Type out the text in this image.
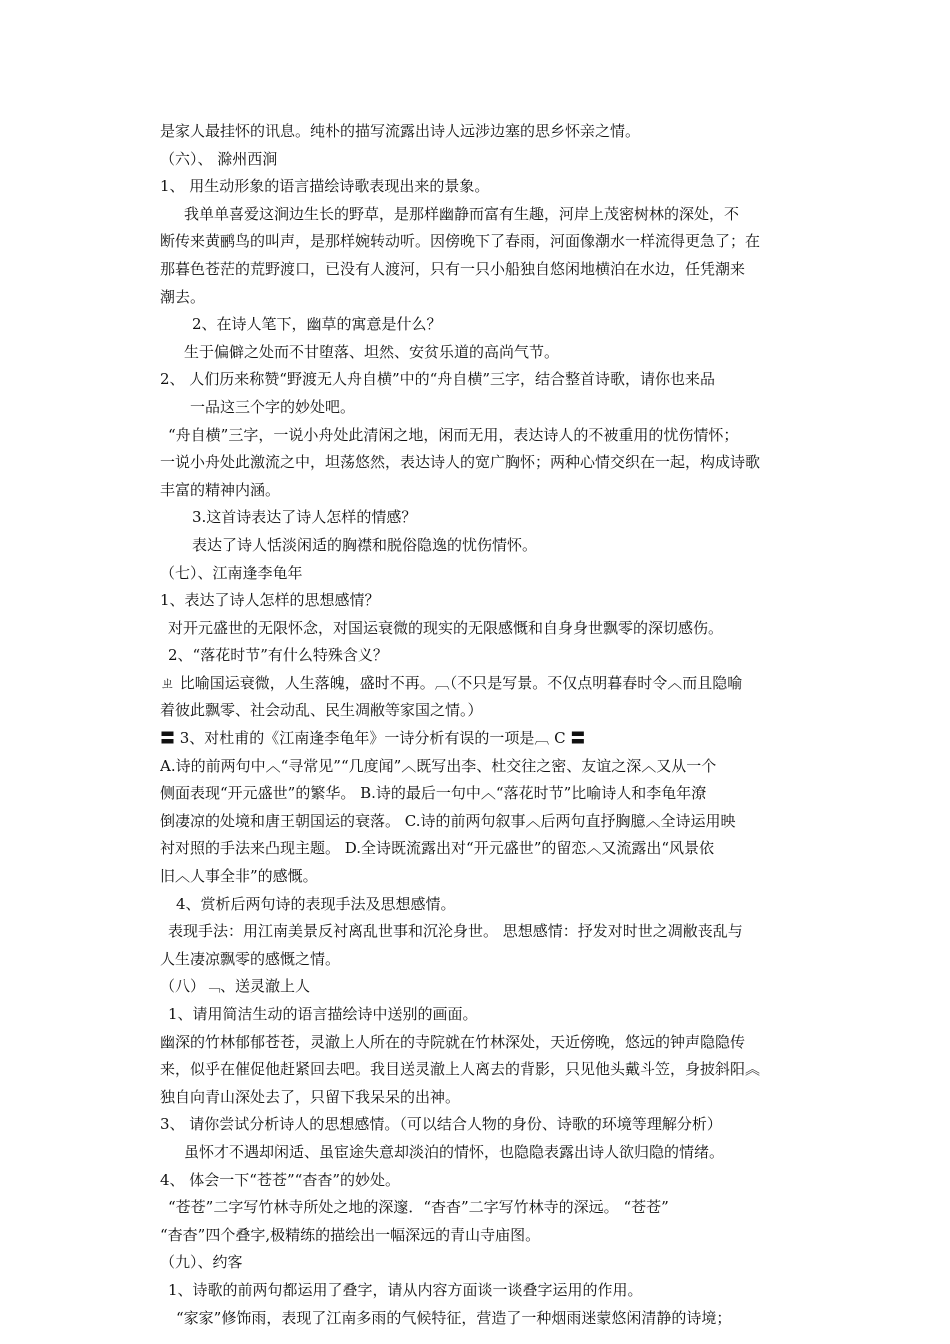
是家人最挂怀的讯息。纯朴的描写流露出诗人远涉边塞的思乡怀亲之情。

（六）、 滁州西涧

1、 用生动形象的语言描绘诗歌表现出来的景象。

我单单喜爱这涧边生长的野草，是那样幽静而富有生趣，河岸上茂密树林的深处，不

断传来黄鹂鸟的叫声，是那样婉转动听。因傍晚下了春雨，河面像潮水一样流得更急了；在

那暮色苍茫的荒野渡口，已没有人渡河，只有一只小船独自悠闲地横泊在水边，任凭潮来

潮去。

2、在诗人笔下，幽草的寓意是什么？

生于偏僻之处而不甘堕落、坦然、安贫乐道的高尚气节。

2、 人们历来称赞“野渡无人舟自横”中的“舟自横”三字，结合整首诗歌，请你也来品

一品这三个字的妙处吧。

“舟自横”三字，一说小舟处此清闲之地，闲而无用，表达诗人的不被重用的忧伤情怀；

一说小舟处此激流之中，坦荡悠然，表达诗人的宽广胸怀；两种心情交织在一起，构成诗歌

丰富的精神内涵。

3.这首诗表达了诗人怎样的情感？

表达了诗人恬淡闲适的胸襟和脱俗隐逸的忧伤情怀。

（七）、江南逢李龟年

1、表达了诗人怎样的思想感情？

对开元盛世的无限怀念，对国运衰微的现实的无限感慨和自身身世飘零的深切感伤。

2、“落花时节”有什么特殊含义？

ㄓ 比喻国运衰微，人生落魄，盛时不再。︹（不只是写景。不仅点明暮春时令︿而且隐喻

着彼此飘零、社会动乱、民生凋敝等家国之情。）

〓 3、对杜甫的《江南逢李龟年》一诗分析有误的一项是︹ C 〓

A.诗的前两句中︿“寻常见”“几度闻”︿既写出李、杜交往之密、友谊之深︿又从一个

侧面表现“开元盛世”的繁华。 B.诗的最后一句中︿“落花时节”比喻诗人和李龟年潦

倒凄凉的处境和唐王朝国运的衰落。 C.诗的前两句叙事︿后两句直抒胸臆︿全诗运用映

衬对照的手法来凸现主题。 D.全诗既流露出对“开元盛世”的留恋︿又流露出“风景依

旧︿人事全非”的感慨。

4、赏析后两句诗的表现手法及思想感情。

表现手法：用江南美景反衬离乱世事和沉沦身世。 思想感情：抒发对时世之凋敝丧乱与

人生凄凉飘零的感慨之情。

（八）﹁、送灵澈上人

1、请用简洁生动的语言描绘诗中送别的画面。

幽深的竹林郁郁苍苍，灵澈上人所在的寺院就在竹林深处，天近傍晚，悠远的钟声隐隐传

来，似乎在催促他赶紧回去吧。我目送灵澈上人离去的背影，只见他头戴斗笠，身披斜阳︽

独自向青山深处去了，只留下我呆呆的出神。

3、 请你尝试分析诗人的思想感情。（可以结合人物的身份、诗歌的环境等理解分析）

虽怀才不遇却闲适、虽宦途失意却淡泊的情怀，也隐隐表露出诗人欲归隐的情绪。

4、 体会一下“苍苍”“杳杳”的妙处。

“苍苍”二字写竹林寺所处之地的深邃．“杳杳”二字写竹林寺的深远。 “苍苍”

“杳杳”四个叠字,极精练的描绘出一幅深远的青山寺庙图。

（九）、约客

1、诗歌的前两句都运用了叠字，请从内容方面谈一谈叠字运用的作用。

“家家”修饰雨，表现了江南多雨的气候特征，营造了一种烟雨迷蒙悠闲清静的诗境；
